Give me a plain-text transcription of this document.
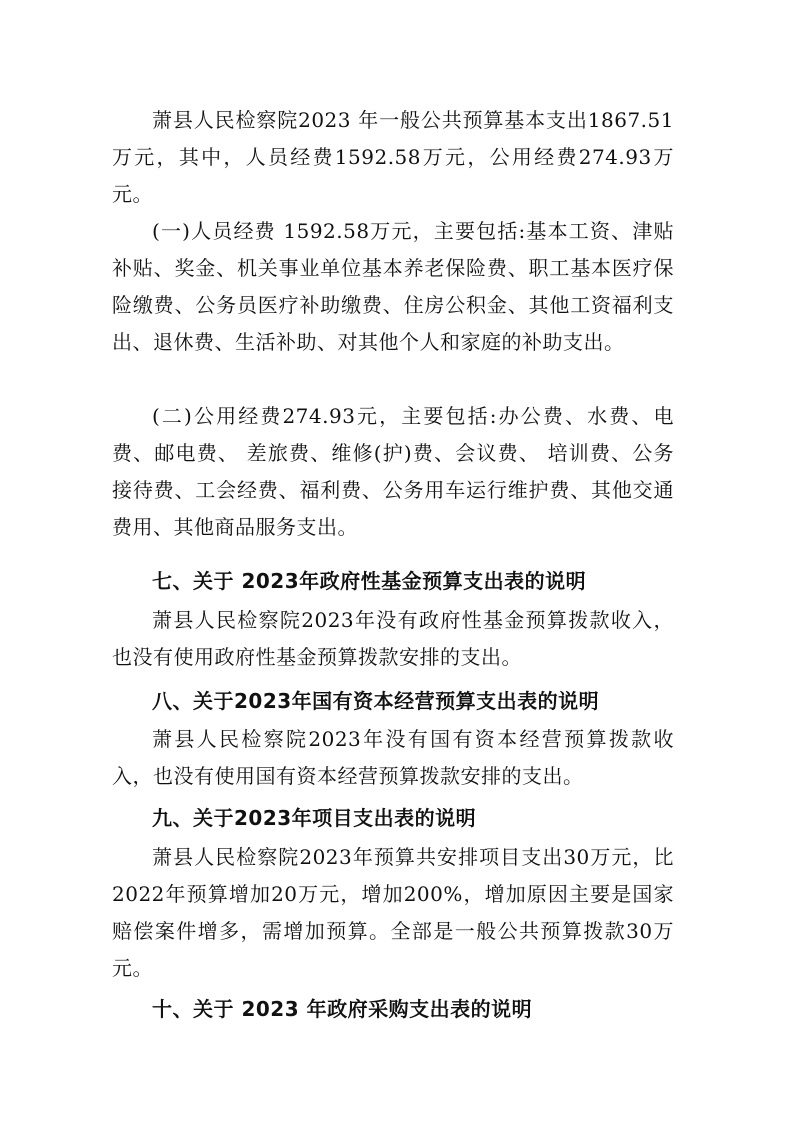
萧县人民检察院2023 年一般公共预算基本支出1867.51万元，其中，人员经费1592.58万元，公用经费274.93万元。

(一)人员经费 1592.58万元，主要包括:基本工资、津贴补贴、奖金、机关事业单位基本养老保险费、职工基本医疗保险缴费、公务员医疗补助缴费、住房公积金、其他工资福利支出、退休费、生活补助、对其他个人和家庭的补助支出。

(二)公用经费274.93元，主要包括:办公费、水费、电费、邮电费、 差旅费、维修(护)费、会议费、 培训费、公务接待费、工会经费、福利费、公务用车运行维护费、其他交通费用、其他商品服务支出。

七、关于 2023年政府性基金预算支出表的说明

萧县人民检察院2023年没有政府性基金预算拨款收入，也没有使用政府性基金预算拨款安排的支出。

八、关于2023年国有资本经营预算支出表的说明

萧县人民检察院2023年没有国有资本经营预算拨款收入，也没有使用国有资本经营预算拨款安排的支出。

九、关于2023年项目支出表的说明

萧县人民检察院2023年预算共安排项目支出30万元，比2022年预算增加20万元，增加200%，增加原因主要是国家赔偿案件增多，需增加预算。全部是一般公共预算拨款30万元。

十、关于 2023 年政府采购支出表的说明
